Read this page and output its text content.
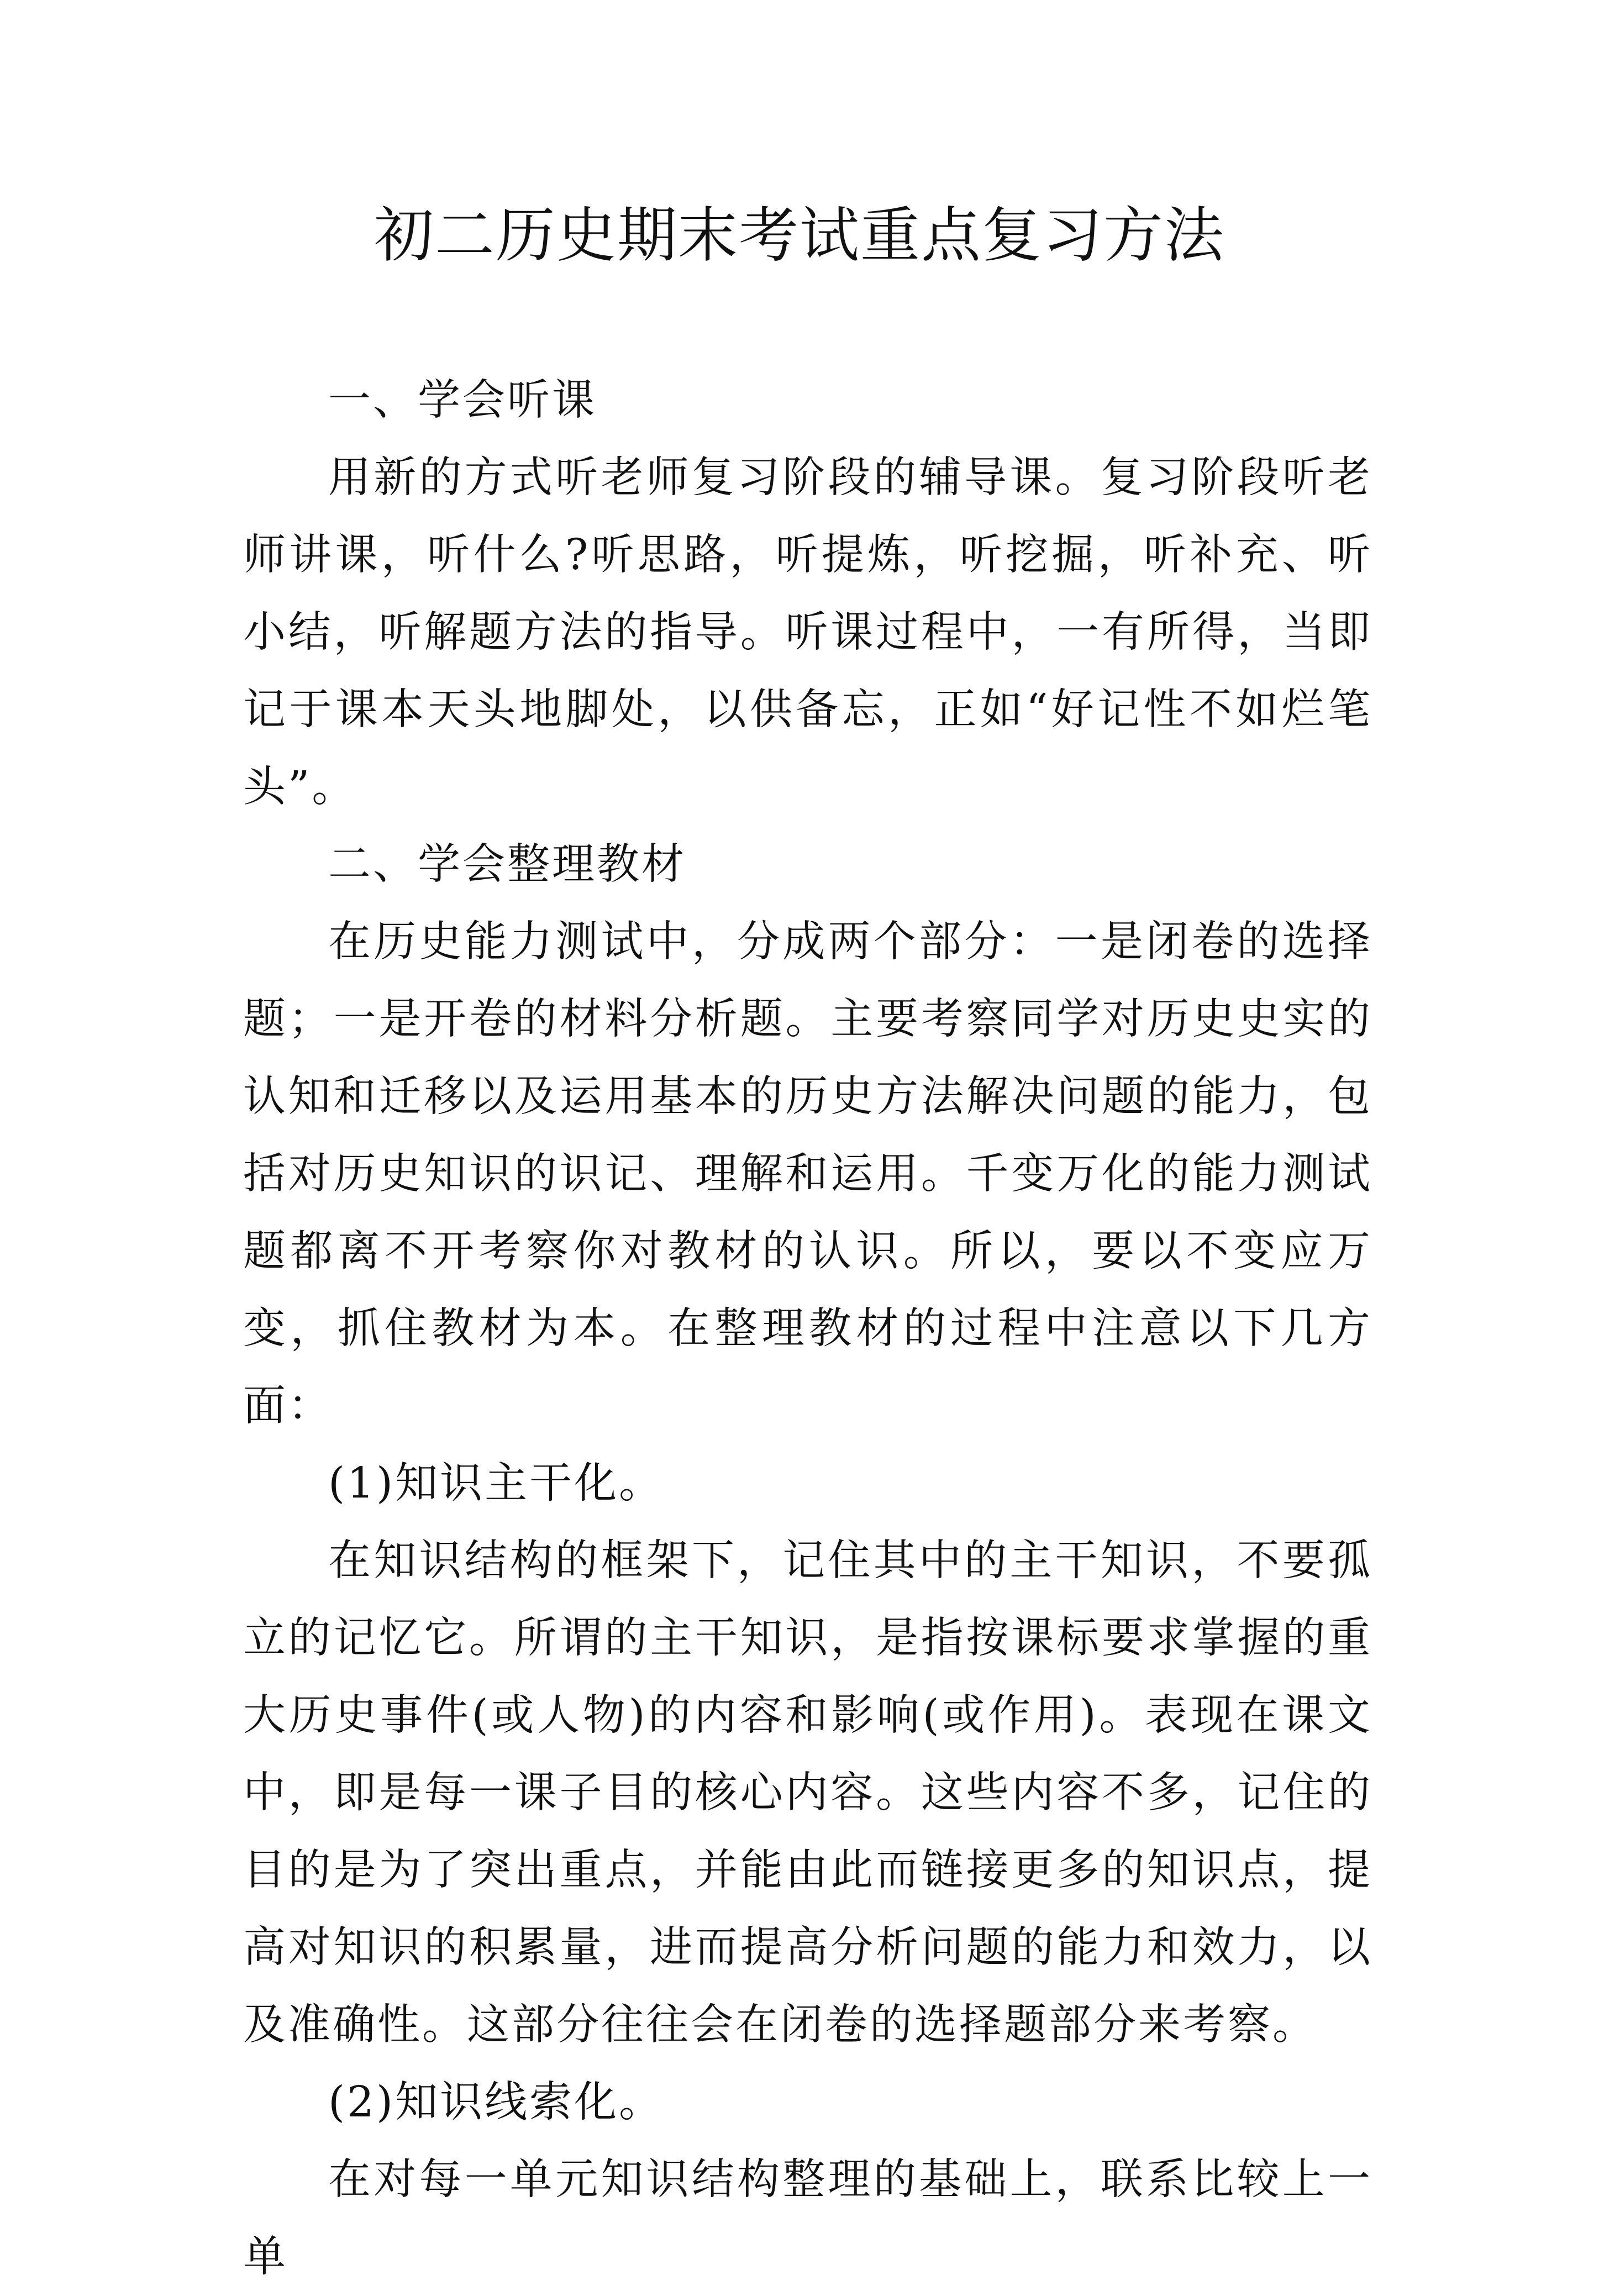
初二历史期末考试重点复习方法

一、学会听课

用新的方式听老师复习阶段的辅导课。复习阶段听老师讲课，听什么?听思路，听提炼，听挖掘，听补充、听小结，听解题方法的指导。听课过程中，一有所得，当即记于课本天头地脚处，以供备忘，正如“好记性不如烂笔头”。

二、学会整理教材

在历史能力测试中，分成两个部分：一是闭卷的选择题；一是开卷的材料分析题。主要考察同学对历史史实的认知和迁移以及运用基本的历史方法解决问题的能力，包括对历史知识的识记、理解和运用。千变万化的能力测试题都离不开考察你对教材的认识。所以，要以不变应万变，抓住教材为本。在整理教材的过程中注意以下几方面：

(1)知识主干化。

在知识结构的框架下，记住其中的主干知识，不要孤立的记忆它。所谓的主干知识，是指按课标要求掌握的重大历史事件(或人物)的内容和影响(或作用)。表现在课文中，即是每一课子目的核心内容。这些内容不多，记住的目的是为了突出重点，并能由此而链接更多的知识点，提高对知识的积累量，进而提高分析问题的能力和效力，以及准确性。这部分往往会在闭卷的选择题部分来考察。

(2)知识线索化。

在对每一单元知识结构整理的基础上，联系比较上一单
